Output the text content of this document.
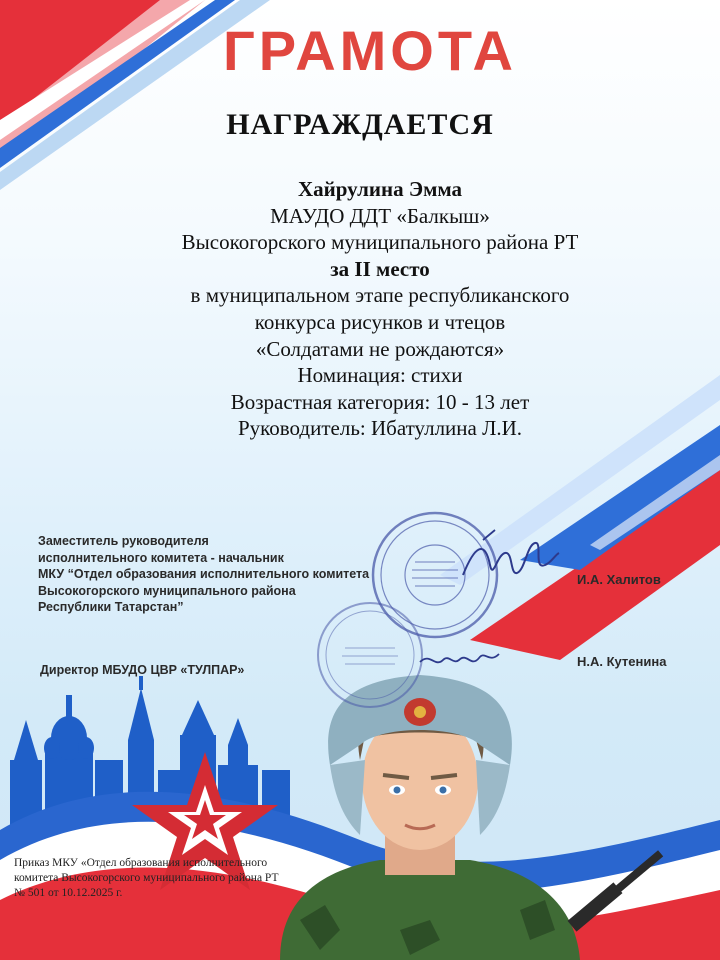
ГРАМОТА
НАГРАЖДАЕТСЯ
Хайрулина Эмма
МАУДО ДДТ «Балкыш»
Высокогорского муниципального района РТ
за II место
в муниципальном этапе республиканского
конкурса рисунков и чтецов
«Солдатами не рождаются»
Номинация: стихи
Возрастная категория: 10 - 13 лет
Руководитель: Ибатуллина Л.И.
Заместитель руководителя
исполнительного комитета - начальник
МКУ “Отдел образования исполнительного комитета
Высокогорского муниципального района
Республики Татарстан”
И.А. Халитов
Директор МБУДО ЦВР «ТУЛПАР»
Н.А. Кутенина
Приказ МКУ «Отдел образования исполнительного
комитета Высокогорского муниципального района РТ
№ 501 от 10.12.2025 г.
